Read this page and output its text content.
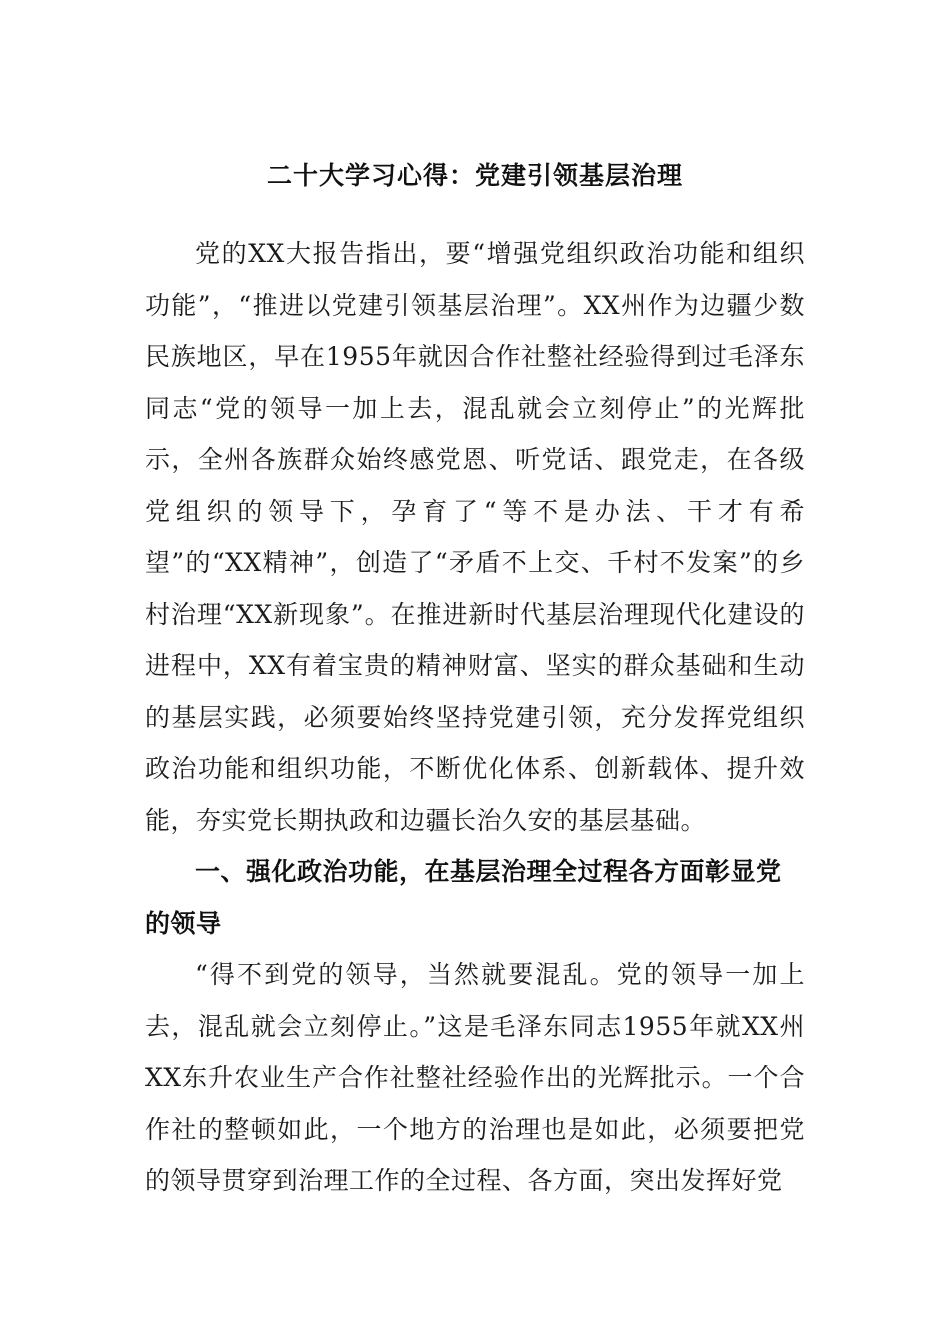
二十大学习心得：党建引领基层治理

党的XX大报告指出，要“增强党组织政治功能和组织功能”，“推进以党建引领基层治理”。XX州作为边疆少数民族地区，早在1955年就因合作社整社经验得到过毛泽东同志“党的领导一加上去，混乱就会立刻停止”的光辉批示，全州各族群众始终感党恩、听党话、跟党走，在各级党组织的领导下，孕育了“等不是办法、干才有希望”的“XX精神”，创造了“矛盾不上交、千村不发案”的乡村治理“XX新现象”。在推进新时代基层治理现代化建设的进程中，XX有着宝贵的精神财富、坚实的群众基础和生动的基层实践，必须要始终坚持党建引领，充分发挥党组织政治功能和组织功能，不断优化体系、创新载体、提升效能，夯实党长期执政和边疆长治久安的基层基础。

一、强化政治功能，在基层治理全过程各方面彰显党的领导

“得不到党的领导，当然就要混乱。党的领导一加上去，混乱就会立刻停止。”这是毛泽东同志1955年就XX州XX东升农业生产合作社整社经验作出的光辉批示。一个合作社的整顿如此，一个地方的治理也是如此，必须要把党的领导贯穿到治理工作的全过程、各方面，突出发挥好党
